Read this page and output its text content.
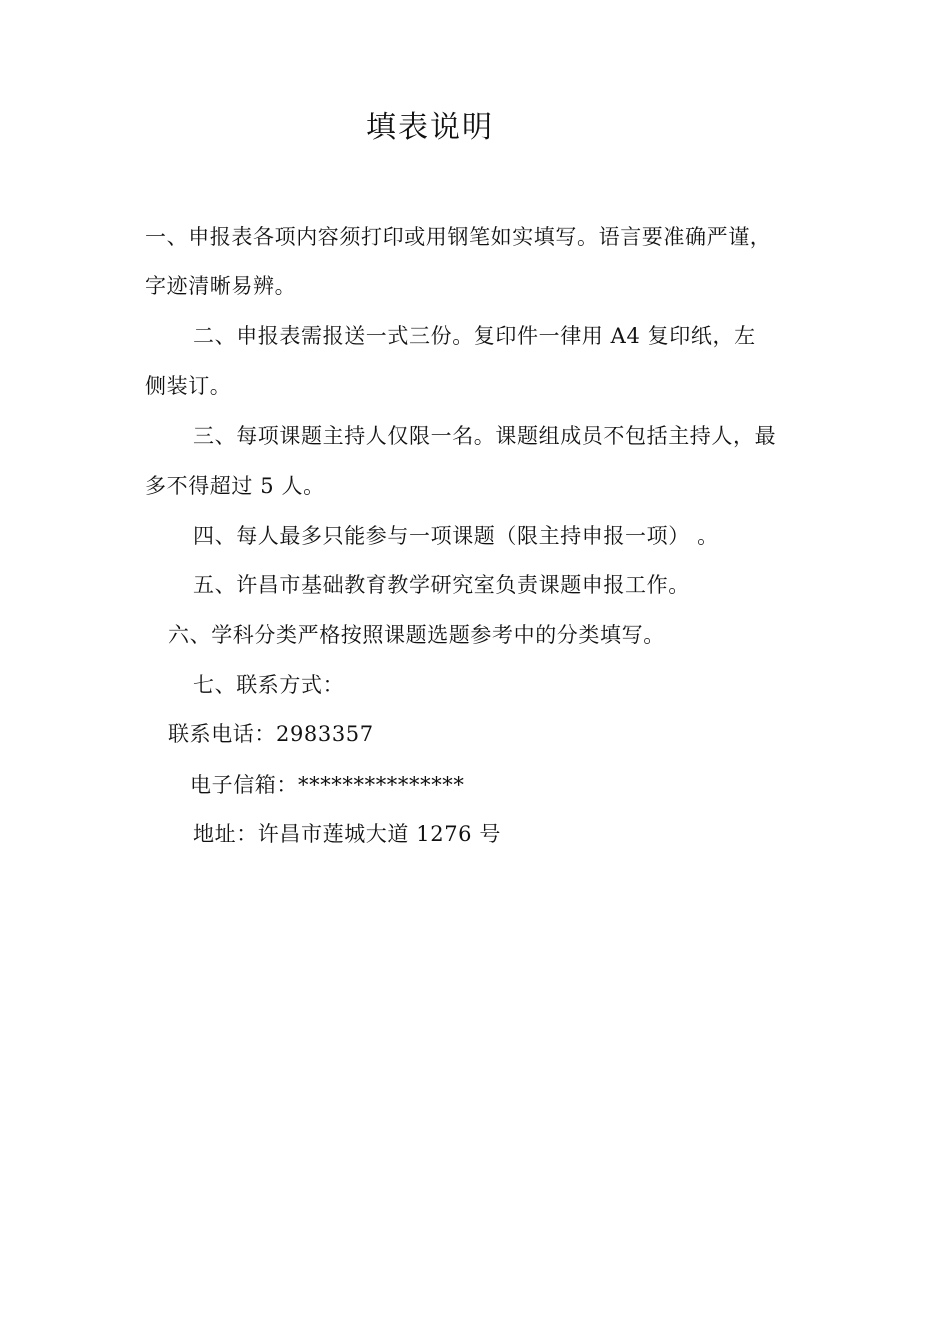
填表说明
一、申报表各项内容须打印或用钢笔如实填写。语言要准确严谨，
字迹清晰易辨。
二、申报表需报送一式三份。复印件一律用 A4 复印纸，左
侧装订。
三、每项课题主持人仅限一名。课题组成员不包括主持人，最
多不得超过 5 人。
四、每人最多只能参与一项课题（限主持申报一项） 。
五、许昌市基础教育教学研究室负责课题申报工作。
六、学科分类严格按照课题选题参考中的分类填写。
七、联系方式：
联系电话：2983357
电子信箱：***************
地址：许昌市莲城大道 1276 号
